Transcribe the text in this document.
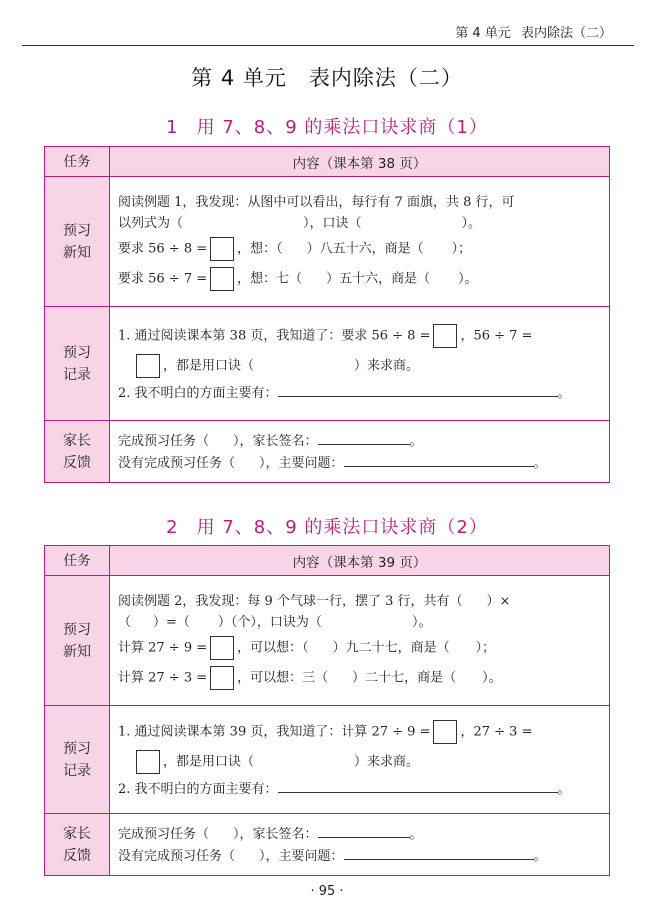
第 4 单元 表内除法（二）
第 4 单元 表内除法（二）
1 用 7、8、9 的乘法口诀求商（1）
任务	内容（课本第 38 页）

预习
新知	阅读例题 1，我发现：从图中可以看出，每行有 7 面旗，共 8 行，可
以列式为（ ），口诀（ ）。
要求 56 ÷ 8 = ，想：（ ）八五十六，商是（ ）；
要求 56 ÷ 7 = ，想：七（ ）五十六，商是（ ）。

预习
记录	1. 通过阅读课本第 38 页，我知道了：要求 56 ÷ 8 = ，56 ÷ 7 =
，都是用口诀（ ）来求商。
2. 我不明白的方面主要有： 。

家长
反馈	完成预习任务（ ），家长签名： 。
没有完成预习任务（ ），主要问题： 。
2 用 7、8、9 的乘法口诀求商（2）
任务	内容（课本第 39 页）

预习
新知	阅读例题 2，我发现：每 9 个气球一行，摆了 3 行，共有（ ）×
（ ）=（ ）（个），口诀为（ ）。
计算 27 ÷ 9 = ，可以想：（ ）九二十七，商是（ ）；
计算 27 ÷ 3 = ，可以想：三（ ）二十七，商是（ ）。

预习
记录	1. 通过阅读课本第 39 页，我知道了：计算 27 ÷ 9 = ，27 ÷ 3 =
，都是用口诀（ ）来求商。
2. 我不明白的方面主要有： 。

家长
反馈	完成预习任务（ ），家长签名： 。
没有完成预习任务（ ），主要问题： 。
· 95 ·
